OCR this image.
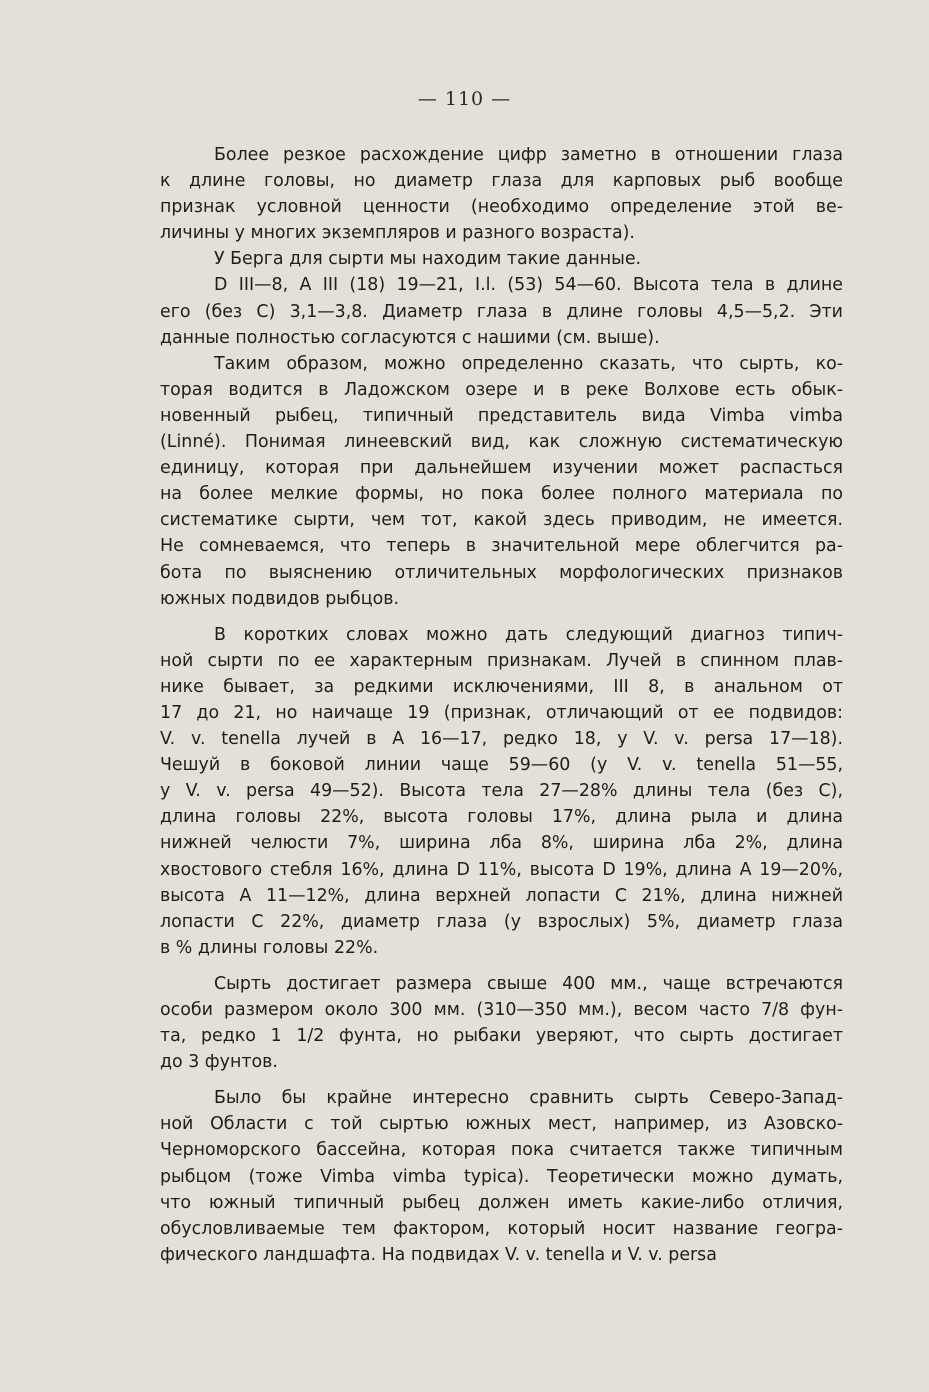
— 110 —
Более резкое расхождение цифр заметно в отношении глаза
к длине головы, но диаметр глаза для карповых рыб вообще
признак условной ценности (необходимо определение этой ве-
личины у многих экземпляров и разного возраста).
У Берга для сырти мы находим такие данные.
D III—8, A III (18) 19—21, I.l. (53) 54—60. Высота тела в длине
его (без C) 3,1—3,8. Диаметр глаза в длине головы 4,5—5,2. Эти
данные полностью согласуются с нашими (см. выше).
Таким образом, можно определенно сказать, что сырть, ко-
торая водится в Ладожском озере и в реке Волхове есть обык-
новенный рыбец, типичный представитель вида Vimba vimba
(Linné). Понимая линеевский вид, как сложную систематическую
единицу, которая при дальнейшем изучении может распасться
на более мелкие формы, но пока более полного материала по
систематике сырти, чем тот, какой здесь приводим, не имеется.
Не сомневаемся, что теперь в значительной мере облегчится ра-
бота по выяснению отличительных морфологических признаков
южных подвидов рыбцов.
В коротких словах можно дать следующий диагноз типич-
ной сырти по ее характерным признакам. Лучей в спинном плав-
нике бывает, за редкими исключениями, III 8, в анальном от
17 до 21, но наичаще 19 (признак, отличающий от ее подвидов:
V. v. tenella лучей в A 16—17, редко 18, у V. v. persa 17—18).
Чешуй в боковой линии чаще 59—60 (у V. v. tenella 51—55,
у V. v. persa 49—52). Высота тела 27—28% длины тела (без C),
длина головы 22%, высота головы 17%, длина рыла и длина
нижней челюсти 7%, ширина лба 8%, ширина лба 2%, длина
хвостового стебля 16%, длина D 11%, высота D 19%, длина A 19—20%,
высота A 11—12%, длина верхней лопасти C 21%, длина нижней
лопасти C 22%, диаметр глаза (у взрослых) 5%, диаметр глаза
в % длины головы 22%.
Сырть достигает размера свыше 400 мм., чаще встречаются
особи размером около 300 мм. (310—350 мм.), весом часто 7/8 фун-
та, редко 1 1/2 фунта, но рыбаки уверяют, что сырть достигает
до 3 фунтов.
Было бы крайне интересно сравнить сырть Северо-Запад-
ной Области с той сыртью южных мест, например, из Азовско-
Черноморского бассейна, которая пока считается также типичным
рыбцом (тоже Vimba vimba typica). Теоретически можно думать,
что южный типичный рыбец должен иметь какие-либо отличия,
обусловливаемые тем фактором, который носит название геогра-
фического ландшафта. На подвидах V. v. tenella и V. v. persa
